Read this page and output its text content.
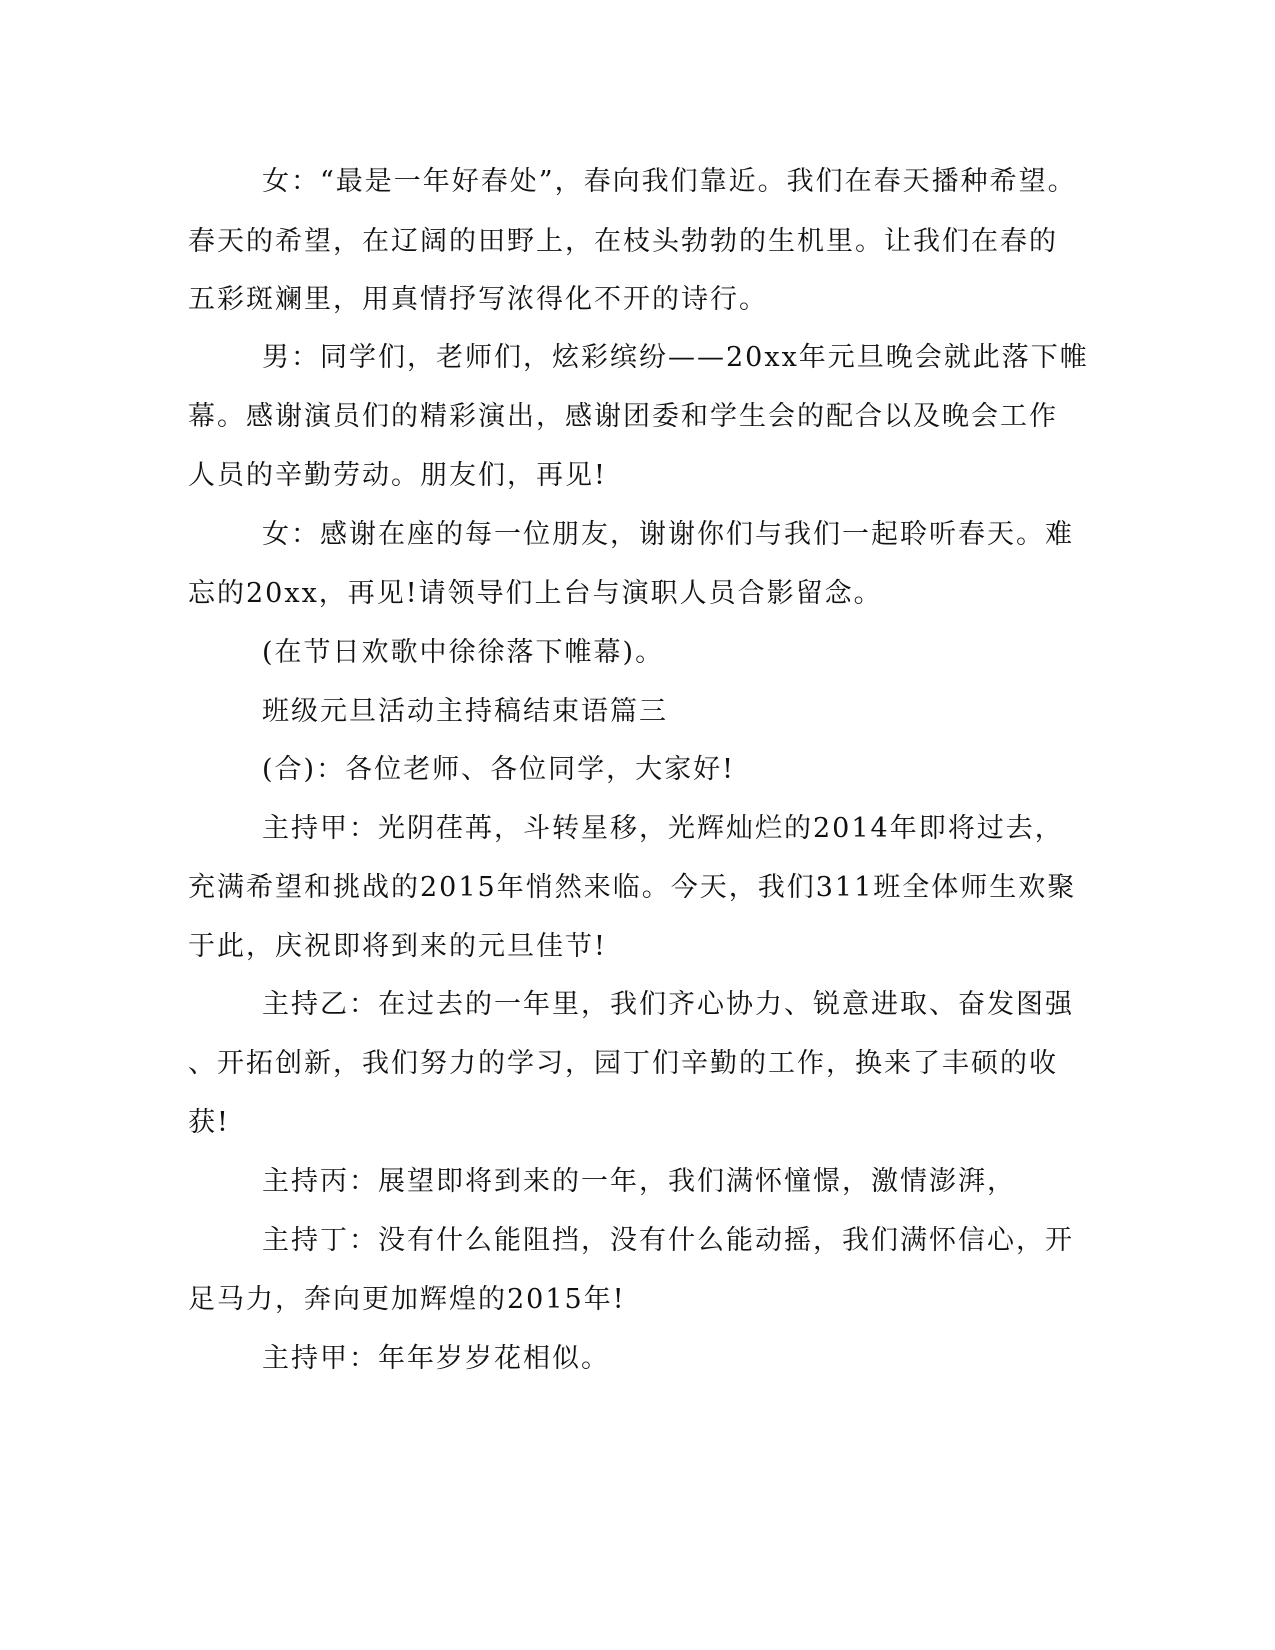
女：“最是一年好春处”，春向我们靠近。我们在春天播种希望。

春天的希望，在辽阔的田野上，在枝头勃勃的生机里。让我们在春的

五彩斑斓里，用真情抒写浓得化不开的诗行。

男：同学们，老师们，炫彩缤纷——20xx年元旦晚会就此落下帷

幕。感谢演员们的精彩演出，感谢团委和学生会的配合以及晚会工作

人员的辛勤劳动。朋友们，再见!

女：感谢在座的每一位朋友，谢谢你们与我们一起聆听春天。难

忘的20xx，再见!请领导们上台与演职人员合影留念。

(在节日欢歌中徐徐落下帷幕)。

班级元旦活动主持稿结束语篇三

(合)：各位老师、各位同学，大家好!

主持甲：光阴荏苒，斗转星移，光辉灿烂的2014年即将过去，

充满希望和挑战的2015年悄然来临。今天，我们311班全体师生欢聚

于此，庆祝即将到来的元旦佳节!

主持乙：在过去的一年里，我们齐心协力、锐意进取、奋发图强

、开拓创新，我们努力的学习，园丁们辛勤的工作，换来了丰硕的收

获!

主持丙：展望即将到来的一年，我们满怀憧憬，激情澎湃，

主持丁：没有什么能阻挡，没有什么能动摇，我们满怀信心，开

足马力，奔向更加辉煌的2015年!

主持甲：年年岁岁花相似。
